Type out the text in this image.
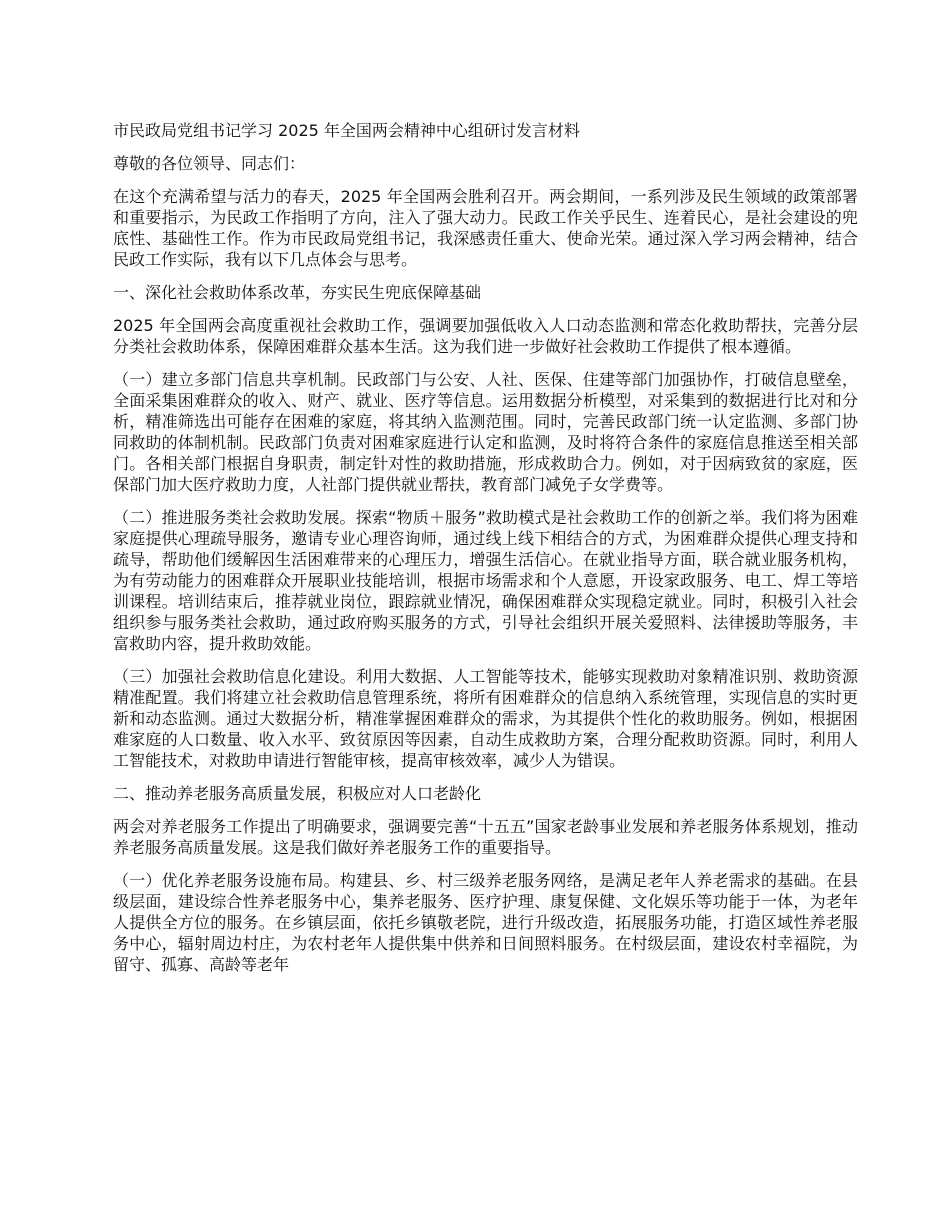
市民政局党组书记学习 2025 年全国两会精神中心组研讨发言材料

尊敬的各位领导、同志们：

在这个充满希望与活力的春天，2025 年全国两会胜利召开。两会期间，一系列涉及民生领域的政策部署和重要指示，为民政工作指明了方向，注入了强大动力。民政工作关乎民生、连着民心，是社会建设的兜底性、基础性工作。作为市民政局党组书记，我深感责任重大、使命光荣。通过深入学习两会精神，结合民政工作实际，我有以下几点体会与思考。

一、深化社会救助体系改革，夯实民生兜底保障基础

2025 年全国两会高度重视社会救助工作，强调要加强低收入人口动态监测和常态化救助帮扶，完善分层分类社会救助体系，保障困难群众基本生活。这为我们进一步做好社会救助工作提供了根本遵循。

（一）建立多部门信息共享机制。民政部门与公安、人社、医保、住建等部门加强协作，打破信息壁垒，全面采集困难群众的收入、财产、就业、医疗等信息。运用数据分析模型，对采集到的数据进行比对和分析，精准筛选出可能存在困难的家庭，将其纳入监测范围。同时，完善民政部门统一认定监测、多部门协同救助的体制机制。民政部门负责对困难家庭进行认定和监测，及时将符合条件的家庭信息推送至相关部门。各相关部门根据自身职责，制定针对性的救助措施，形成救助合力。例如，对于因病致贫的家庭，医保部门加大医疗救助力度，人社部门提供就业帮扶，教育部门减免子女学费等。

（二）推进服务类社会救助发展。探索“物质＋服务”救助模式是社会救助工作的创新之举。我们将为困难家庭提供心理疏导服务，邀请专业心理咨询师，通过线上线下相结合的方式，为困难群众提供心理支持和疏导，帮助他们缓解因生活困难带来的心理压力，增强生活信心。在就业指导方面，联合就业服务机构，为有劳动能力的困难群众开展职业技能培训，根据市场需求和个人意愿，开设家政服务、电工、焊工等培训课程。培训结束后，推荐就业岗位，跟踪就业情况，确保困难群众实现稳定就业。同时，积极引入社会组织参与服务类社会救助，通过政府购买服务的方式，引导社会组织开展关爱照料、法律援助等服务，丰富救助内容，提升救助效能。

（三）加强社会救助信息化建设。利用大数据、人工智能等技术，能够实现救助对象精准识别、救助资源精准配置。我们将建立社会救助信息管理系统，将所有困难群众的信息纳入系统管理，实现信息的实时更新和动态监测。通过大数据分析，精准掌握困难群众的需求，为其提供个性化的救助服务。例如，根据困难家庭的人口数量、收入水平、致贫原因等因素，自动生成救助方案，合理分配救助资源。同时，利用人工智能技术，对救助申请进行智能审核，提高审核效率，减少人为错误。

二、推动养老服务高质量发展，积极应对人口老龄化

两会对养老服务工作提出了明确要求，强调要完善“十五五”国家老龄事业发展和养老服务体系规划，推动养老服务高质量发展。这是我们做好养老服务工作的重要指导。

（一）优化养老服务设施布局。构建县、乡、村三级养老服务网络，是满足老年人养老需求的基础。在县级层面，建设综合性养老服务中心，集养老服务、医疗护理、康复保健、文化娱乐等功能于一体，为老年人提供全方位的服务。在乡镇层面，依托乡镇敬老院，进行升级改造，拓展服务功能，打造区域性养老服务中心，辐射周边村庄，为农村老年人提供集中供养和日间照料服务。在村级层面，建设农村幸福院，为留守、孤寡、高龄等老年
